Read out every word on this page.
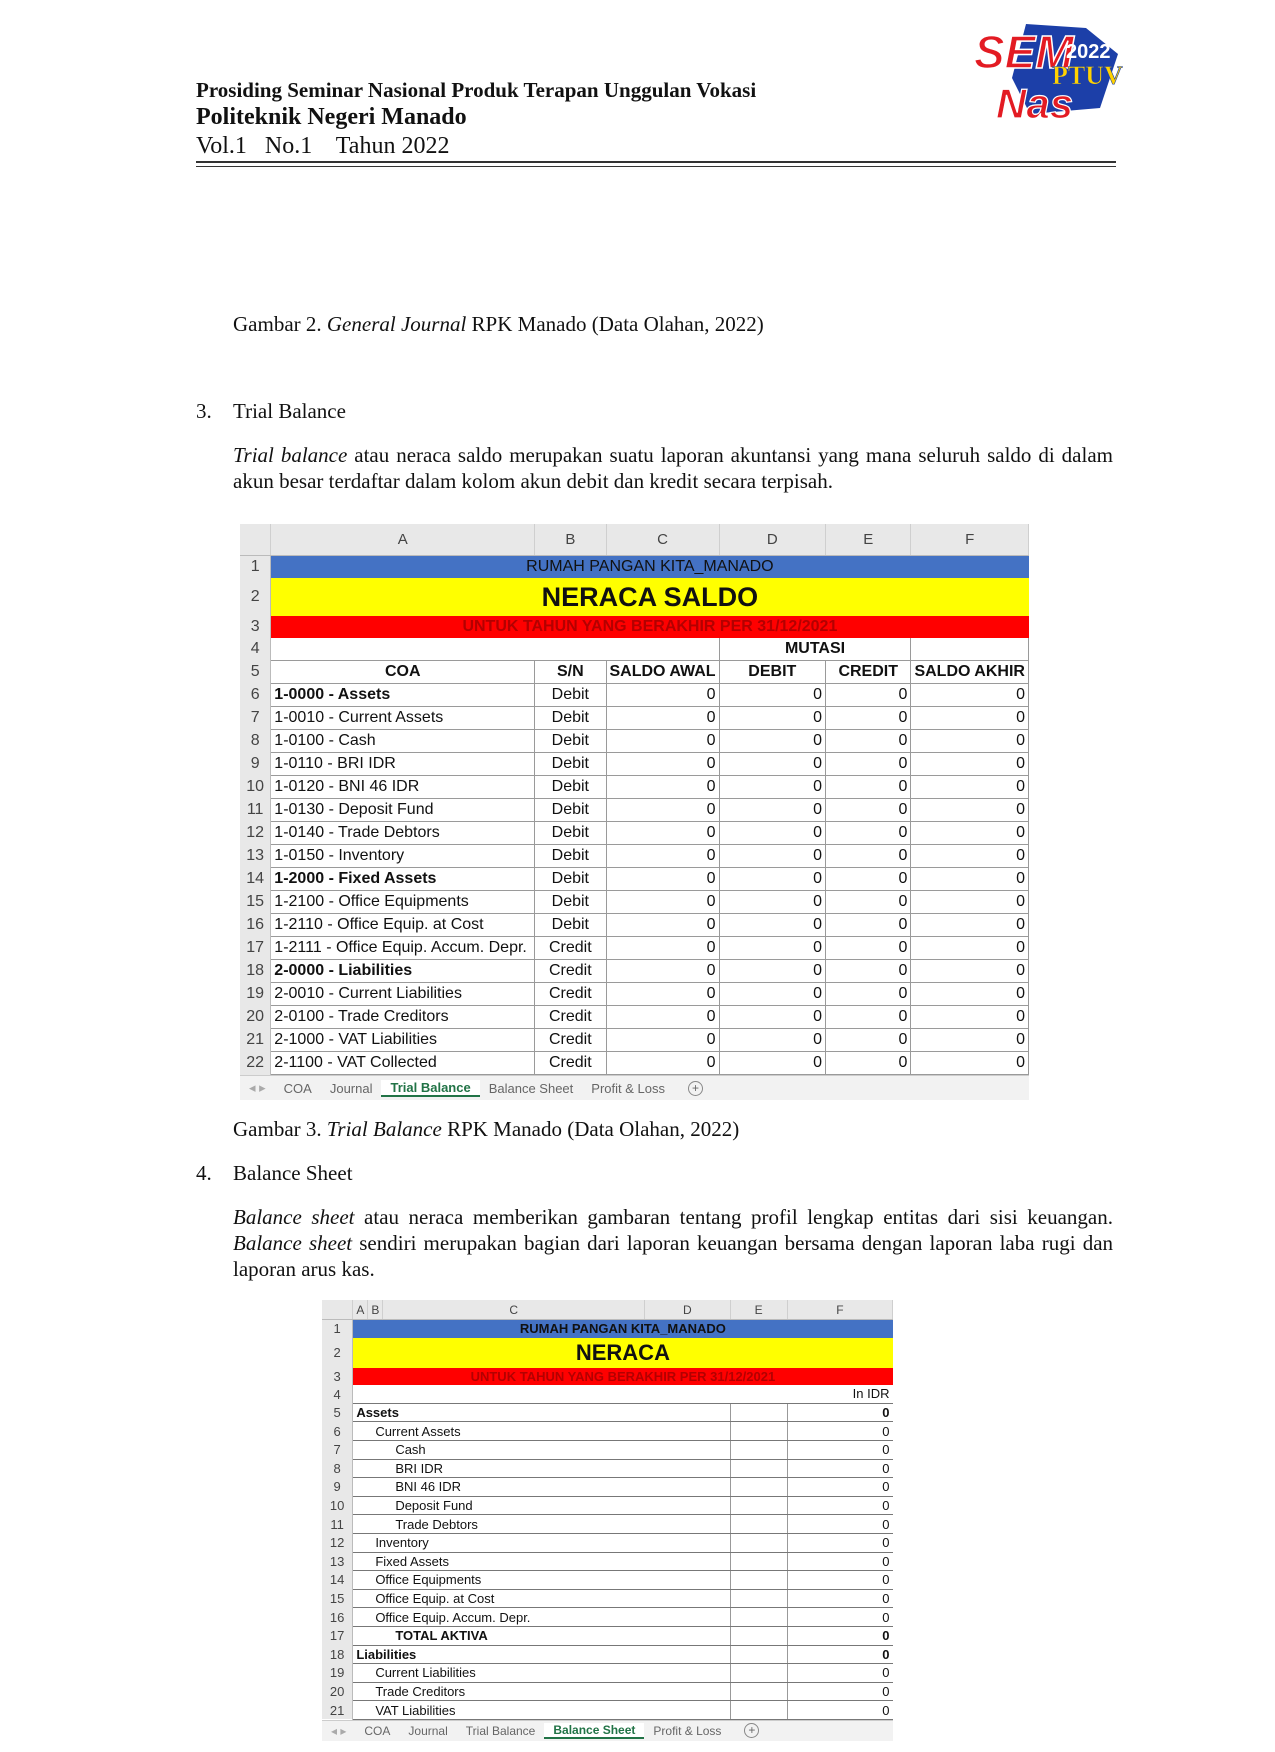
Prosiding Seminar Nasional Produk Terapan Unggulan Vokasi
Politeknik Negeri Manado
Vol.1   No.1    Tahun 2022
SEM
2022
PTUV
Nas
Gambar 2. General Journal RPK Manado (Data Olahan, 2022)
3. Trial Balance
Trial balance atau neraca saldo merupakan suatu laporan akuntansi yang mana seluruh saldo di dalam akun besar terdaftar dalam kolom akun debit dan kredit secara terpisah.
	A	B	C	D	E	F
1	RUMAH PANGAN KITA_MANADO					
2	NERACA SALDO					
3	UNTUK TAHUN YANG BERAKHIR PER 31/12/2021					
4				MUTASI		
5	COA	S/N	SALDO AWAL	DEBIT	CREDIT	SALDO AKHIR
6	1-0000 - Assets	Debit	0	0	0	0
7	1-0010 - Current Assets	Debit	0	0	0	0
8	1-0100 - Cash	Debit	0	0	0	0
9	1-0110 - BRI IDR	Debit	0	0	0	0
10	1-0120 - BNI 46 IDR	Debit	0	0	0	0
11	1-0130 - Deposit Fund	Debit	0	0	0	0
12	1-0140 - Trade Debtors	Debit	0	0	0	0
13	1-0150 - Inventory	Debit	0	0	0	0
14	1-2000 - Fixed Assets	Debit	0	0	0	0
15	1-2100 - Office Equipments	Debit	0	0	0	0
16	1-2110 - Office Equip. at Cost	Debit	0	0	0	0
17	1-2111 - Office Equip. Accum. Depr.	Credit	0	0	0	0
18	2-0000 - Liabilities	Credit	0	0	0	0
19	2-0010 - Current Liabilities	Credit	0	0	0	0
20	2-0100 - Trade Creditors	Credit	0	0	0	0
21	2-1000 - VAT Liabilities	Credit	0	0	0	0
22	2-1100 - VAT Collected	Credit	0	0	0	0
◂ ▸	COA	Journal	Trial Balance	Balance Sheet	Profit & Loss	+
Gambar 3. Trial Balance RPK Manado (Data Olahan, 2022)
4. Balance Sheet
Balance sheet atau neraca memberikan gambaran tentang profil lengkap entitas dari sisi keuangan. Balance sheet sendiri merupakan bagian dari laporan keuangan bersama dengan laporan laba rugi dan laporan arus kas.
	A	B	C	D	E	F
1	RUMAH PANGAN KITA_MANADO					
2	NERACA					
3	UNTUK TAHUN YANG BERAKHIR PER 31/12/2021					
4						In IDR
5	Assets					0
6	Current Assets					0
7	Cash					0
8	BRI IDR					0
9	BNI 46 IDR					0
10	Deposit Fund					0
11	Trade Debtors					0
12	Inventory					0
13	Fixed Assets					0
14	Office Equipments					0
15	Office Equip. at Cost					0
16	Office Equip. Accum. Depr.					0
17	TOTAL AKTIVA					0
18	Liabilities					0
19	Current Liabilities					0
20	Trade Creditors					0
21	VAT Liabilities					0
◂ ▸	COA	Journal	Trial Balance	Balance Sheet	Profit & Loss	+
